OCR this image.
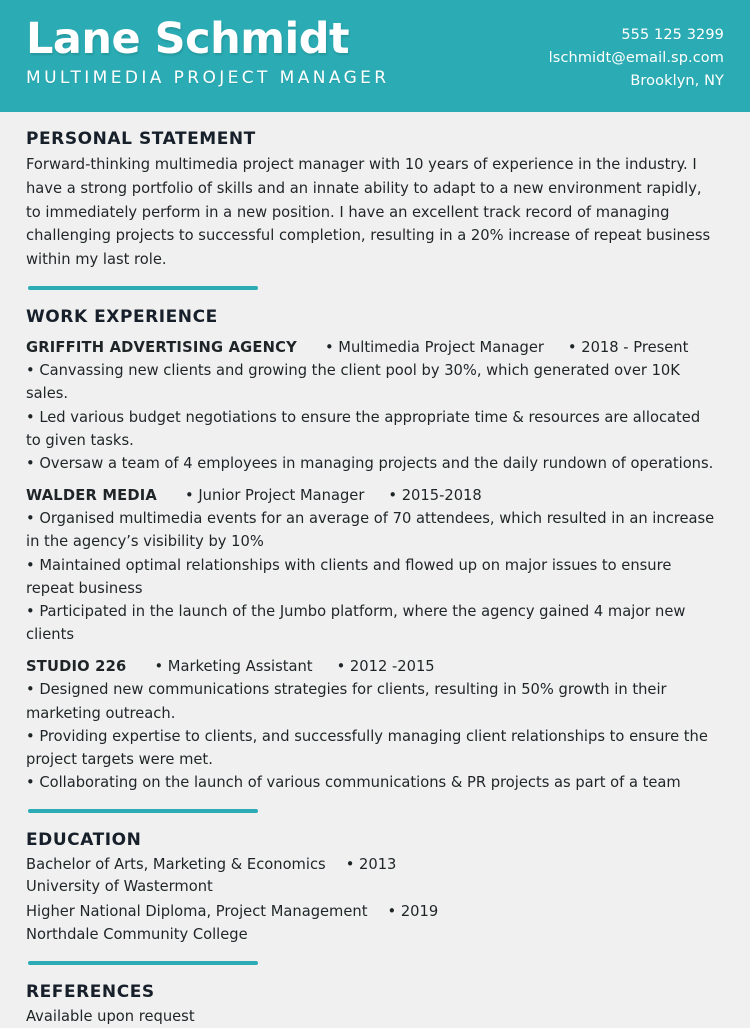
Lane Schmidt
MULTIMEDIA PROJECT MANAGER
555 125 3299
lschmidt@email.sp.com
Brooklyn, NY
PERSONAL STATEMENT
Forward-thinking multimedia project manager with 10 years of experience in the industry. I have a strong portfolio of skills and an innate ability to adapt to a new environment rapidly, to immediately perform in a new position. I have an excellent track record of managing challenging projects to successful completion, resulting in a 20% increase of repeat business within my last role.
WORK EXPERIENCE
GRIFFITH ADVERTISING AGENCY • Multimedia Project Manager • 2018 - Present
• Canvassing new clients and growing the client pool by 30%, which generated over 10K sales.
• Led various budget negotiations to ensure the appropriate time & resources are allocated to given tasks.
• Oversaw a team of 4 employees in managing projects and the daily rundown of operations.
WALDER MEDIA • Junior Project Manager • 2015-2018
• Organised multimedia events for an average of 70 attendees, which resulted in an increase in the agency’s visibility by 10%
• Maintained optimal relationships with clients and flowed up on major issues to ensure repeat business
• Participated in the launch of the Jumbo platform, where the agency gained 4 major new clients
STUDIO 226 • Marketing Assistant • 2012 -2015
• Designed new communications strategies for clients, resulting in 50% growth in their marketing outreach.
• Providing expertise to clients, and successfully managing client relationships to ensure the project targets were met.
• Collaborating on the launch of various communications & PR projects as part of a team
EDUCATION
Bachelor of Arts, Marketing & Economics • 2013
University of Wastermont
Higher National Diploma, Project Management • 2019
Northdale Community College
REFERENCES
Available upon request
